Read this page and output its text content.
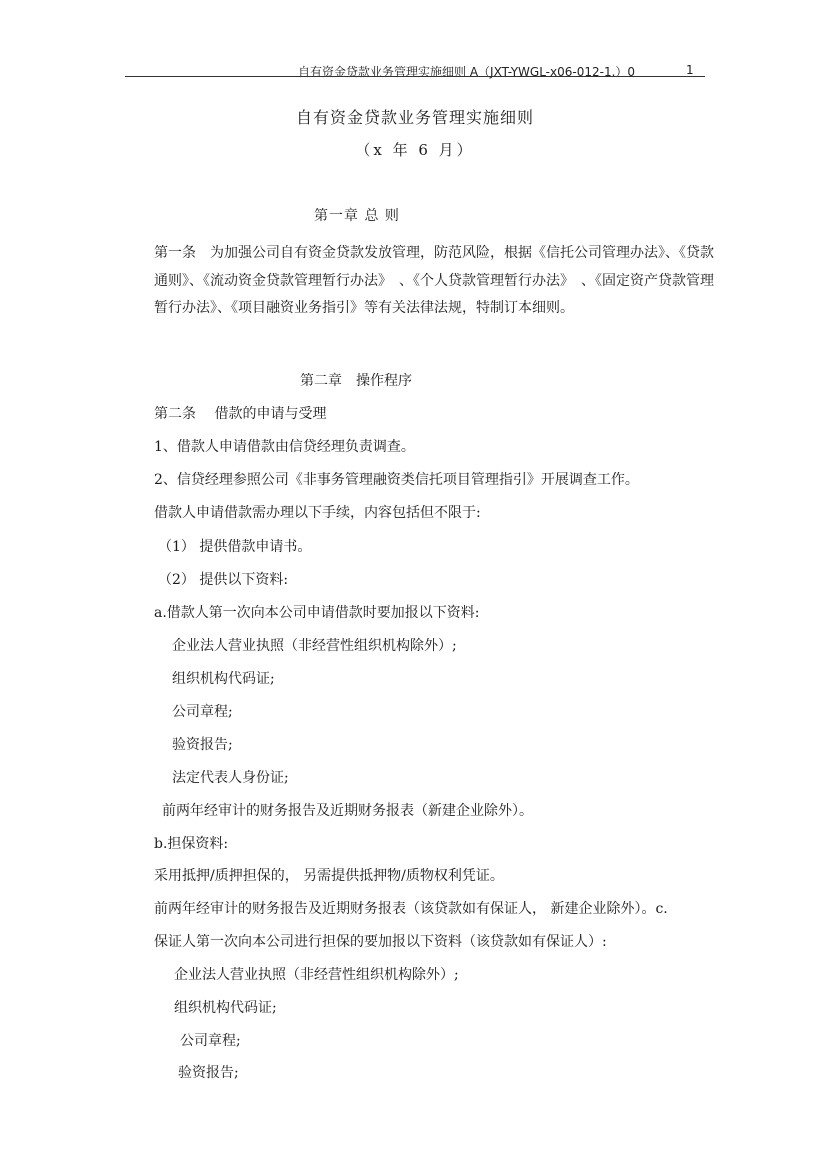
自有资金贷款业务管理实施细则 A（JXT-YWGL-x06-012-1.）0	1
自有资金贷款业务管理实施细则
（x 年 6 月）
第一章 总 则
第一条　为加强公司自有资金贷款发放管理，防范风险，根据《信托公司管理办法》、《贷款通则》、《流动资金贷款管理暂行办法》　、《个人贷款管理暂行办法》　、《固定资产贷款管理暂行办法》、《项目融资业务指引》等有关法律法规，特制订本细则。
第二章　操作程序
第二条　 借款的申请与受理
1、借款人申请借款由信贷经理负责调查。
2、信贷经理参照公司《非事务管理融资类信托项目管理指引》开展调查工作。
借款人申请借款需办理以下手续，内容包括但不限于:
（1） 提供借款申请书。
（2） 提供以下资料:
a.借款人第一次向本公司申请借款时要加报以下资料:
企业法人营业执照（非经营性组织机构除外）;
组织机构代码证;
公司章程;
验资报告;
法定代表人身份证;
前两年经审计的财务报告及近期财务报表（新建企业除外）。
b.担保资料:
采用抵押/质押担保的， 另需提供抵押物/质物权利凭证。
前两年经审计的财务报告及近期财务报表（该贷款如有保证人， 新建企业除外）。c.
保证人第一次向本公司进行担保的要加报以下资料（该贷款如有保证人）:
企业法人营业执照（非经营性组织机构除外）;
组织机构代码证;
公司章程;
验资报告;
